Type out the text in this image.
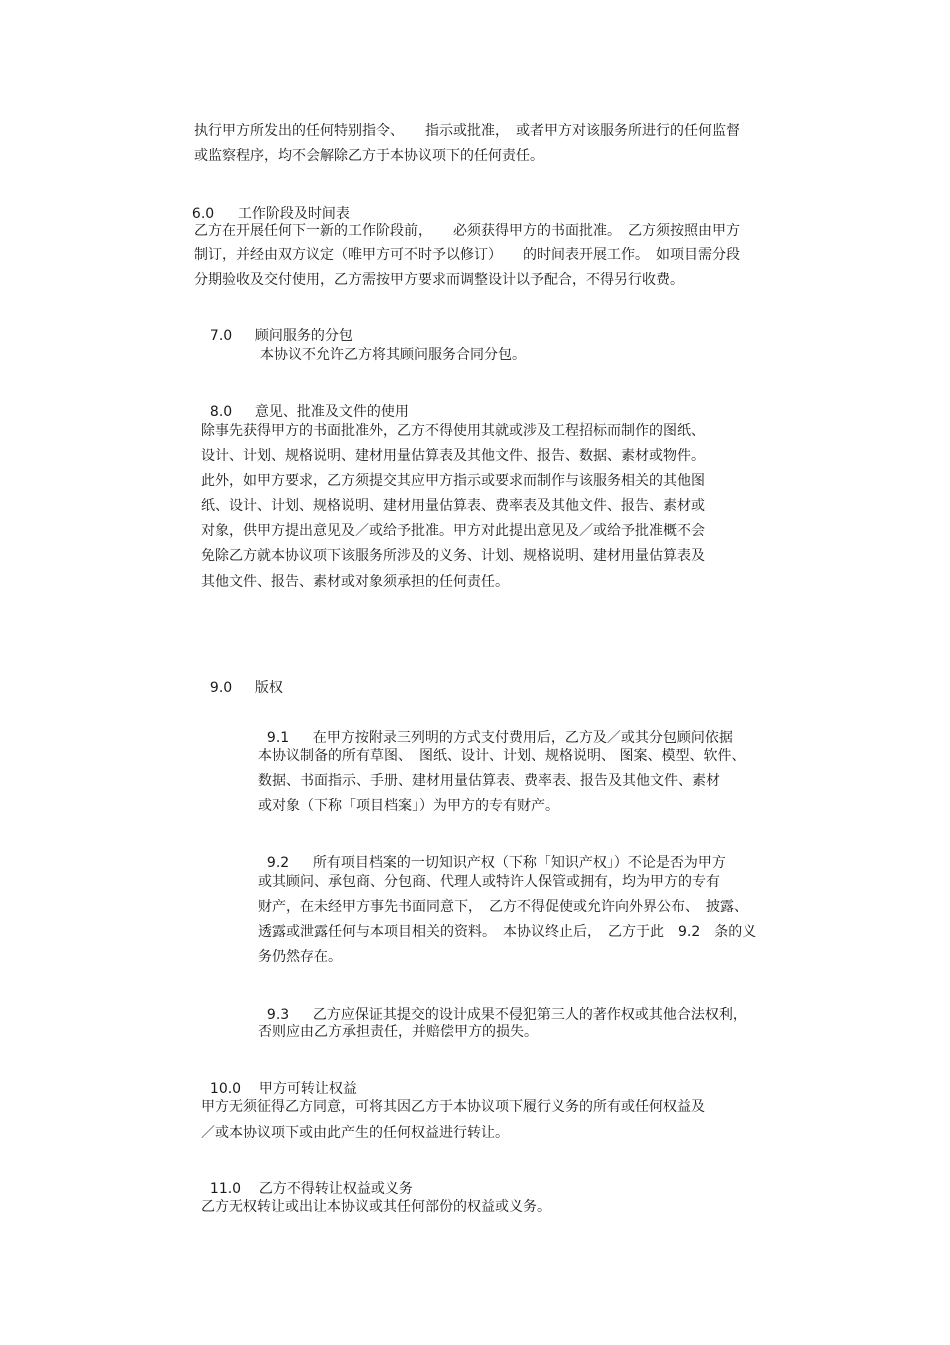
执行甲方所发出的任何特别指令、　　指示或批准，　或者甲方对该服务所进行的任何监督
或监察程序，均不会解除乙方于本协议项下的任何责任。

6.0 工作阶段及时间表

乙方在开展任何下一新的工作阶段前，　　必须获得甲方的书面批准。　乙方须按照由甲方
制订，并经由双方议定（唯甲方可不时予以修订）　　的时间表开展工作。　如项目需分段
分期验收及交付使用，乙方需按甲方要求而调整设计以予配合，不得另行收费。

7.0 顾问服务的分包

本协议不允许乙方将其顾问服务合同分包。

8.0 意见、批准及文件的使用

除事先获得甲方的书面批准外，乙方不得使用其就或涉及工程招标而制作的图纸、
设计、计划、规格说明、建材用量估算表及其他文件、报告、数据、素材或物件。
此外，如甲方要求，乙方须提交其应甲方指示或要求而制作与该服务相关的其他图
纸、设计、计划、规格说明、建材用量估算表、费率表及其他文件、报告、素材或
对象，供甲方提出意见及／或给予批准。甲方对此提出意见及／或给予批准概不会
免除乙方就本协议项下该服务所涉及的义务、计划、规格说明、建材用量估算表及
其他文件、报告、素材或对象须承担的任何责任。

9.0 版权

9.1 在甲方按附录三列明的方式支付费用后，乙方及／或其分包顾问依据

本协议制备的所有草图、　图纸、设计、计划、规格说明、 图案、模型、软件、
数据、书面指示、手册、建材用量估算表、费率表、报告及其他文件、素材
或对象（下称「项目档案」）为甲方的专有财产。

9.2 所有项目档案的一切知识产权（下称「知识产权」）不论是否为甲方

或其顾问、承包商、分包商、代理人或特许人保管或拥有，均为甲方的专有
财产，在未经甲方事先书面同意下，　乙方不得促使或允许向外界公布、　披露、
透露或泄露任何与本项目相关的资料。　本协议终止后，　乙方于此　9.2　条的义
务仍然存在。

9.3 乙方应保证其提交的设计成果不侵犯第三人的著作权或其他合法权利，

否则应由乙方承担责任，并赔偿甲方的损失。

10.0 甲方可转让权益

甲方无须征得乙方同意，可将其因乙方于本协议项下履行义务的所有或任何权益及
／或本协议项下或由此产生的任何权益进行转让。

11.0 乙方不得转让权益或义务

乙方无权转让或出让本协议或其任何部份的权益或义务。
